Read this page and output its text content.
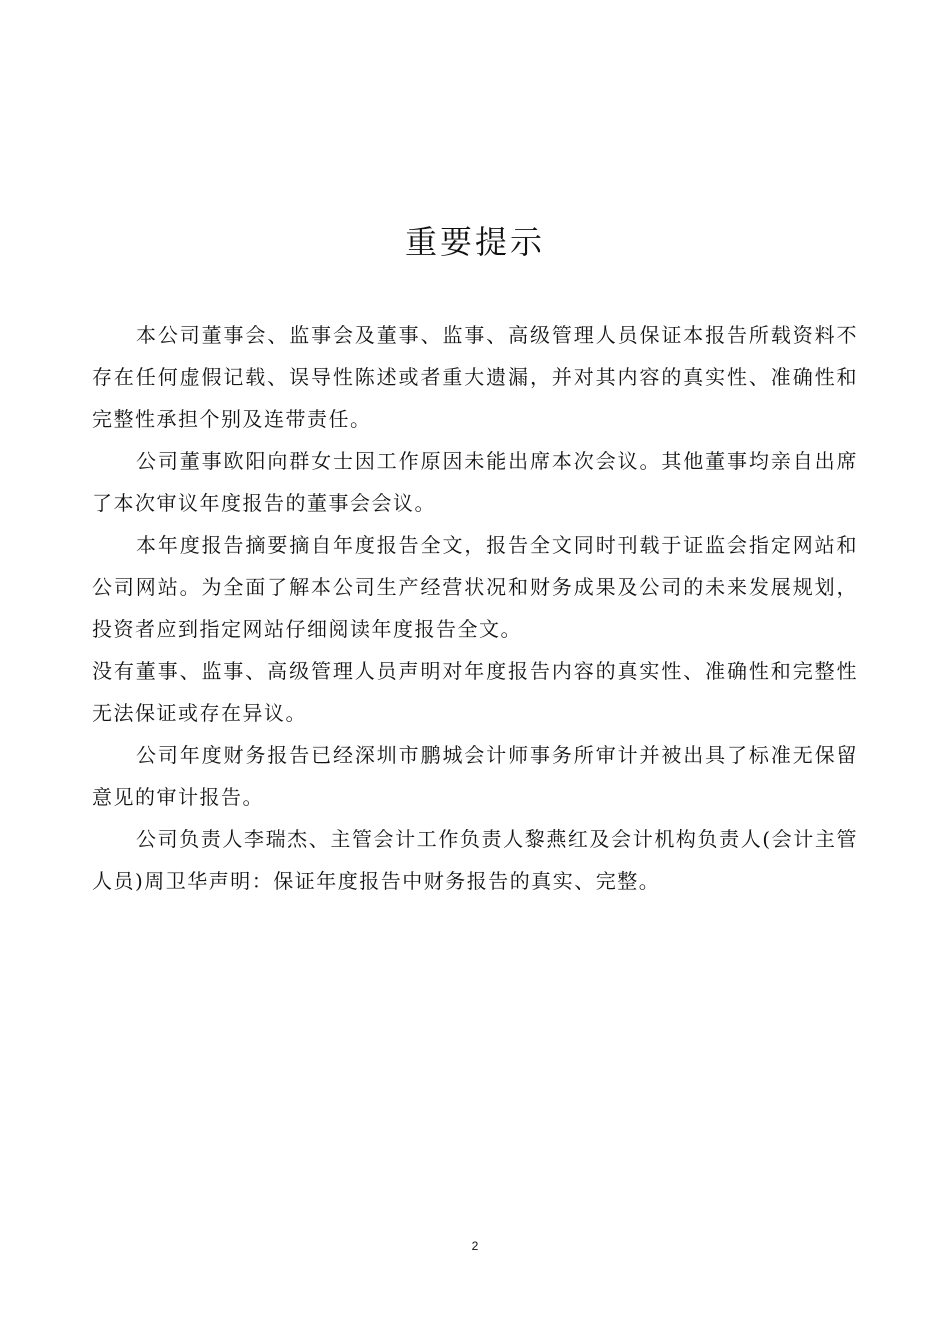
重要提示

本公司董事会、监事会及董事、监事、高级管理人员保证本报告所载资料不存在任何虚假记载、误导性陈述或者重大遗漏，并对其内容的真实性、准确性和完整性承担个别及连带责任。

公司董事欧阳向群女士因工作原因未能出席本次会议。其他董事均亲自出席了本次审议年度报告的董事会会议。

本年度报告摘要摘自年度报告全文，报告全文同时刊载于证监会指定网站和公司网站。为全面了解本公司生产经营状况和财务成果及公司的未来发展规划，投资者应到指定网站仔细阅读年度报告全文。

没有董事、监事、高级管理人员声明对年度报告内容的真实性、准确性和完整性无法保证或存在异议。

公司年度财务报告已经深圳市鹏城会计师事务所审计并被出具了标准无保留意见的审计报告。

公司负责人李瑞杰、主管会计工作负责人黎燕红及会计机构负责人(会计主管人员)周卫华声明：保证年度报告中财务报告的真实、完整。

2
